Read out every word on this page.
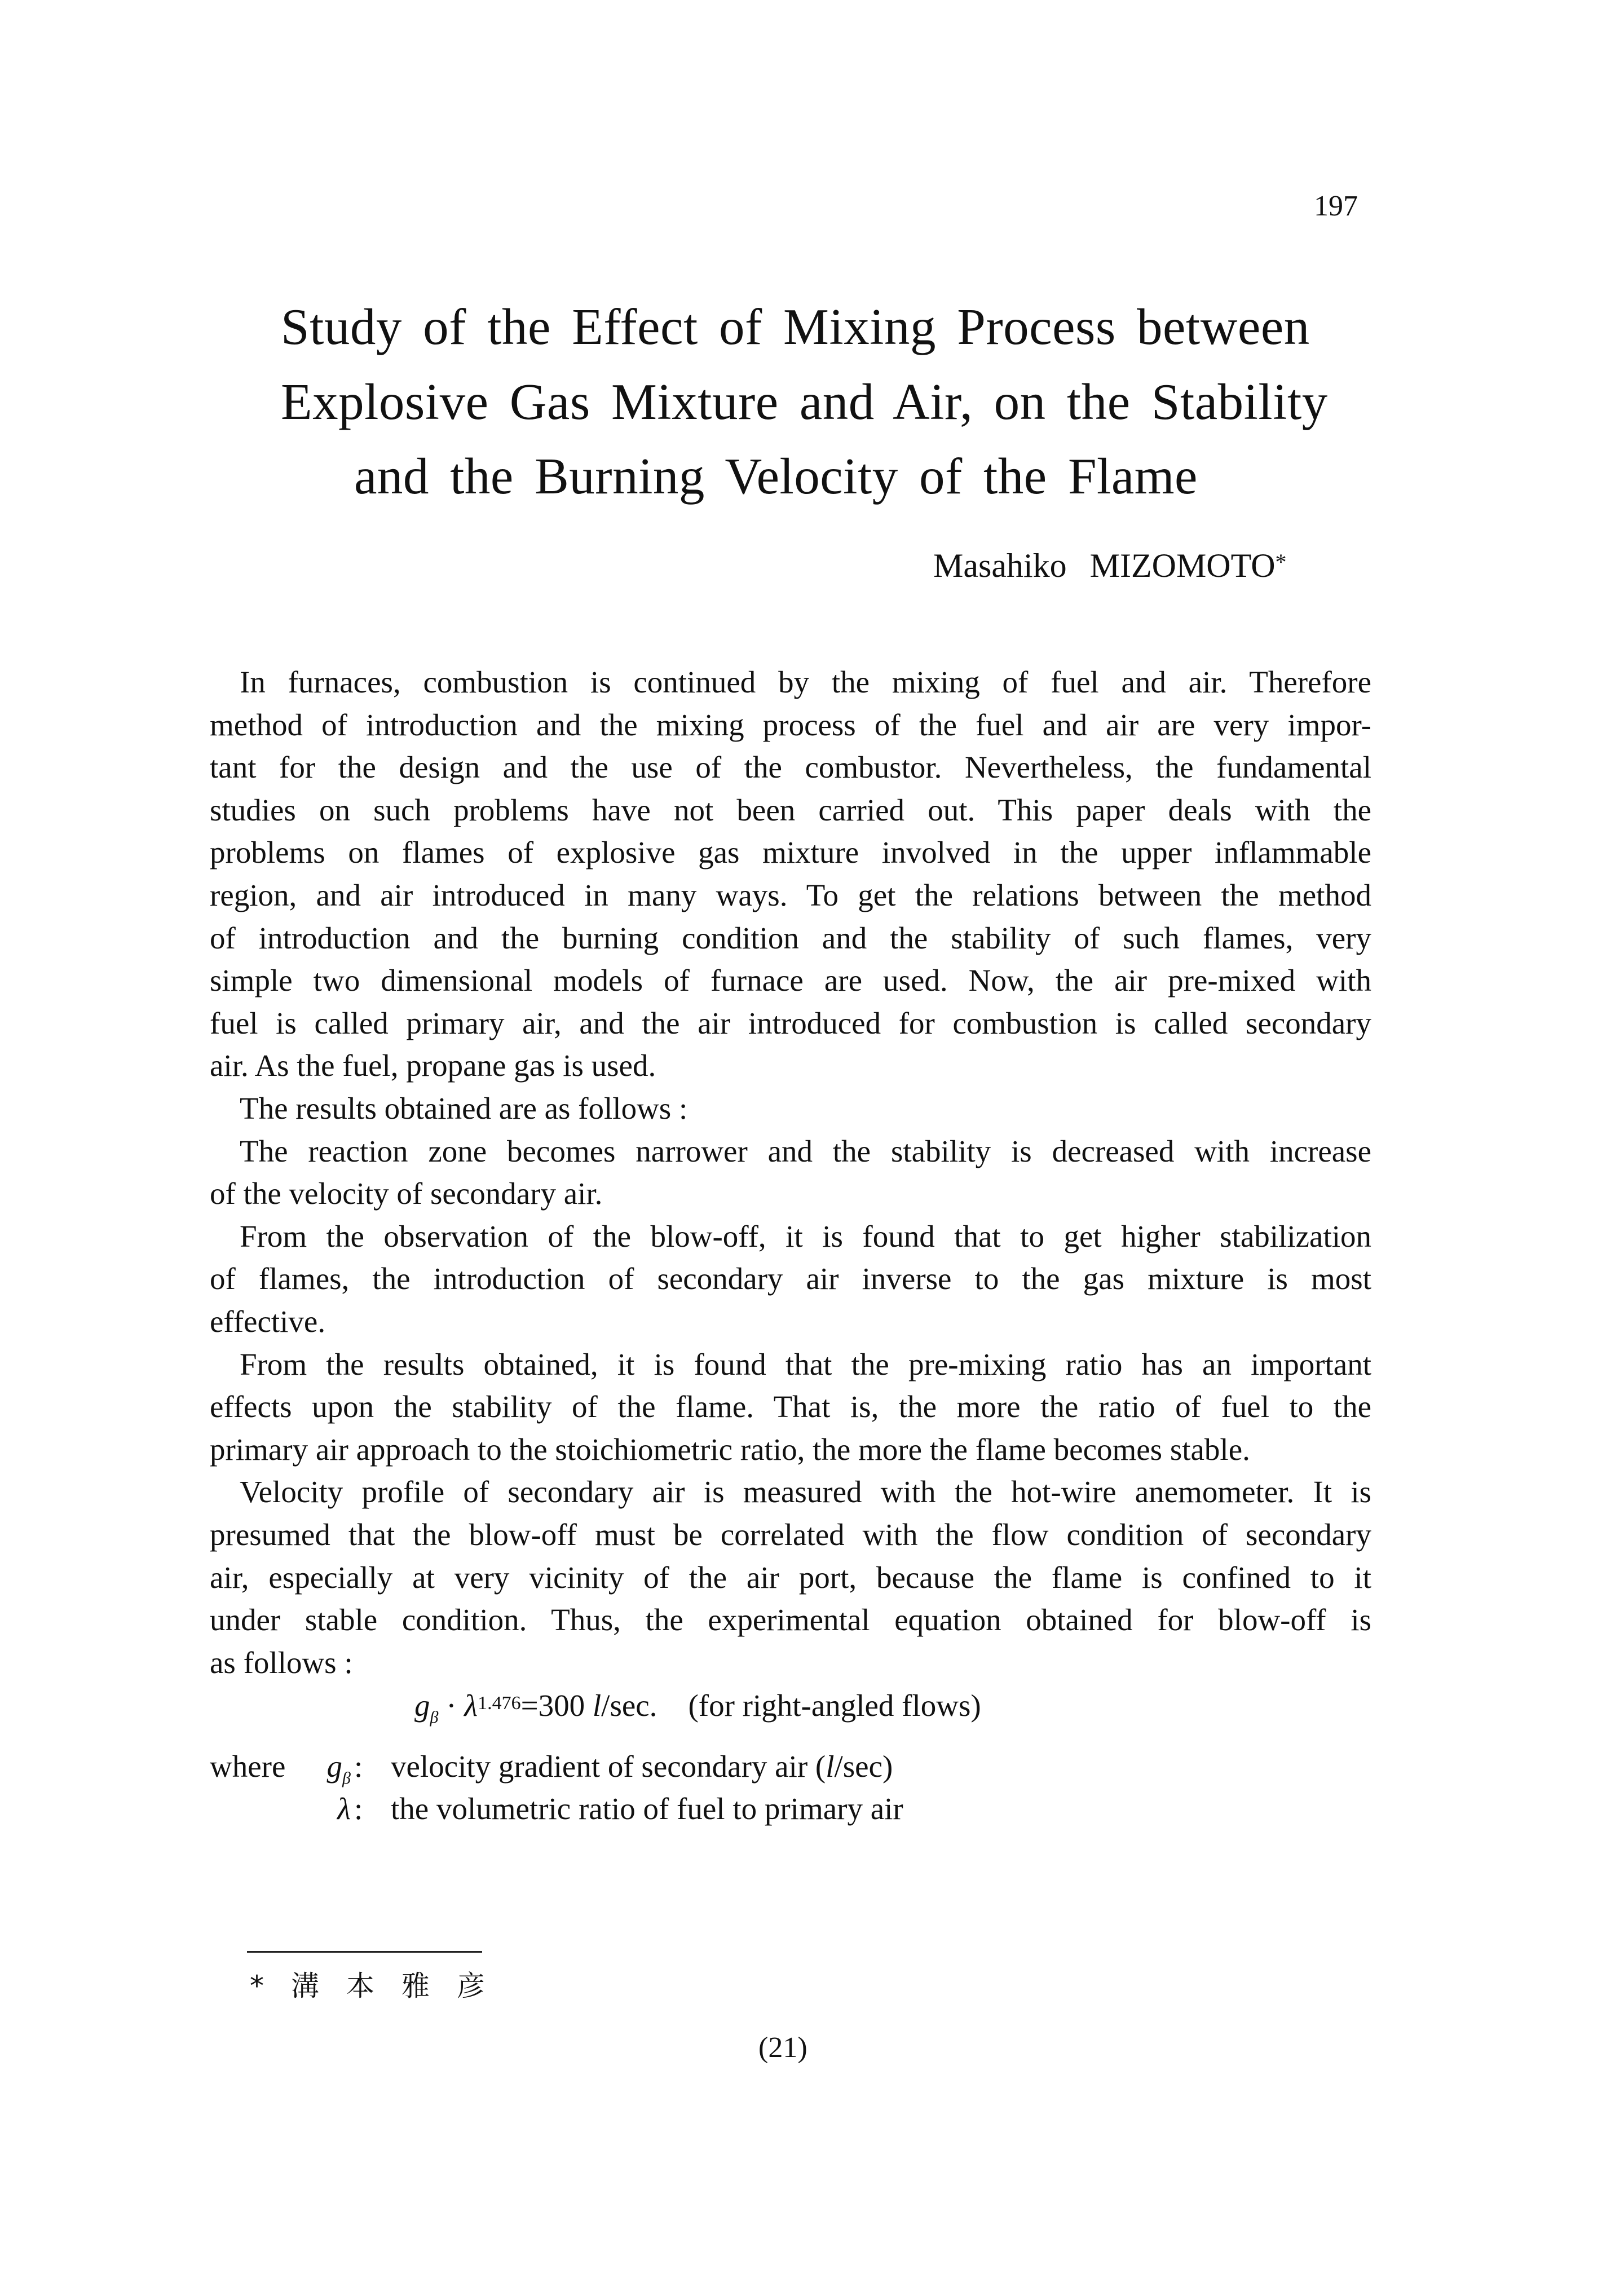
197
Study of the Effect of Mixing Process between
Explosive Gas Mixture and Air, on the Stability
and the Burning Velocity of the Flame
Masahiko MIZOMOTO*
In furnaces, combustion is continued by the mixing of fuel and air. Therefore
method of introduction and the mixing process of the fuel and air are very impor-
tant for the design and the use of the combustor. Nevertheless, the fundamental
studies on such problems have not been carried out. This paper deals with the
problems on flames of explosive gas mixture involved in the upper inflammable
region, and air introduced in many ways. To get the relations between the method
of introduction and the burning condition and the stability of such flames, very
simple two dimensional models of furnace are used. Now, the air pre-mixed with
fuel is called primary air, and the air introduced for combustion is called secondary
air. As the fuel, propane gas is used.
The results obtained are as follows :
The reaction zone becomes narrower and the stability is decreased with increase
of the velocity of secondary air.
From the observation of the blow-off, it is found that to get higher stabilization
of flames, the introduction of secondary air inverse to the gas mixture is most
effective.
From the results obtained, it is found that the pre-mixing ratio has an important
effects upon the stability of the flame. That is, the more the ratio of fuel to the
primary air approach to the stoichiometric ratio, the more the flame becomes stable.
Velocity profile of secondary air is measured with the hot-wire anemometer. It is
presumed that the blow-off must be correlated with the flow condition of secondary
air, especially at very vicinity of the air port, because the flame is confined to it
under stable condition. Thus, the experimental equation obtained for blow-off is
as follows :
$g_\beta \cdot \lambda^{1.476}=300$ l/sec. (for right-angled flows)
where $g_\beta$ : velocity gradient of secondary air (l/sec)
λ : the volumetric ratio of fuel to primary air
*溝本雅彦
(21)
